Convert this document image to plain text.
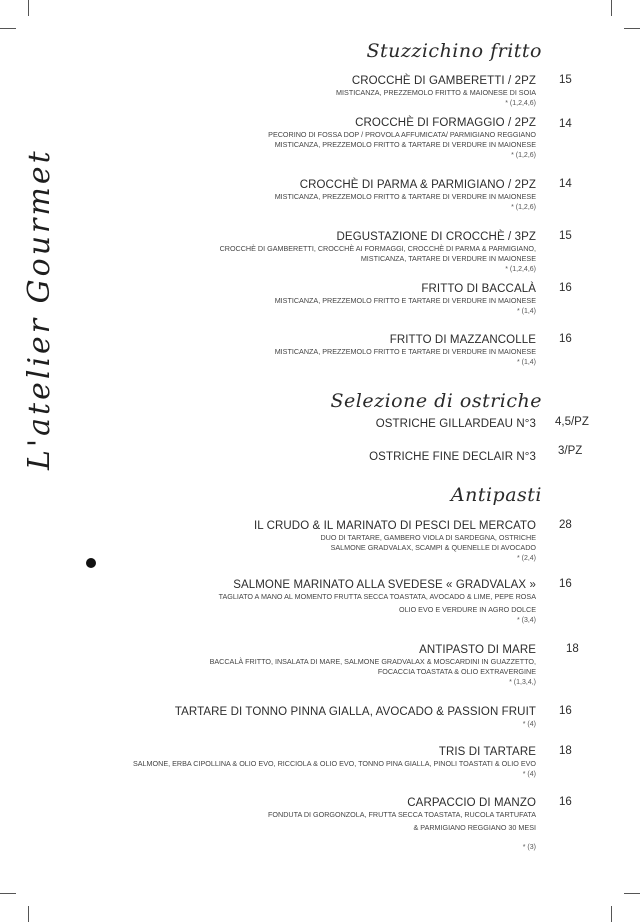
L'atelier Gourmet
Stuzzichino fritto
CROCCHÈ DI GAMBERETTI / 2PZ
MISTICANZA, PREZZEMOLO FRITTO & MAIONESE DI SOIA
* (1,2,4,6)
15
CROCCHÈ DI FORMAGGIO / 2PZ
PECORINO DI FOSSA DOP / PROVOLA AFFUMICATA/ PARMIGIANO REGGIANO
MISTICANZA, PREZZEMOLO FRITTO & TARTARE DI VERDURE IN MAIONESE
* (1,2,6)
14
CROCCHÈ DI PARMA & PARMIGIANO / 2PZ
MISTICANZA, PREZZEMOLO FRITTO & TARTARE DI VERDURE IN MAIONESE
* (1,2,6)
14
DEGUSTAZIONE DI CROCCHÈ / 3PZ
CROCCHÈ DI GAMBERETTI, CROCCHÈ AI FORMAGGI, CROCCHÈ DI PARMA & PARMIGIANO,
MISTICANZA, TARTARE DI VERDURE IN MAIONESE
* (1,2,4,6)
15
FRITTO DI BACCALÀ
MISTICANZA, PREZZEMOLO FRITTO E TARTARE DI VERDURE IN MAIONESE
* (1,4)
16
FRITTO DI MAZZANCOLLE
MISTICANZA, PREZZEMOLO FRITTO E TARTARE DI VERDURE IN MAIONESE
* (1,4)
16
Selezione di ostriche
OSTRICHE GILLARDEAU N°3 4,5/PZ
OSTRICHE FINE DECLAIR N°3 3/PZ
Antipasti
IL CRUDO & IL MARINATO DI PESCI DEL MERCATO
DUO DI TARTARE, GAMBERO VIOLA DI SARDEGNA, OSTRICHE
SALMONE GRADVALAX, SCAMPI & QUENELLE DI AVOCADO
* (2,4)
28
SALMONE MARINATO ALLA SVEDESE « GRADVALAX »
TAGLIATO A MANO AL MOMENTO FRUTTA SECCA TOASTATA, AVOCADO & LIME, PEPE ROSA
OLIO EVO E VERDURE IN AGRO DOLCE
* (3,4)
16
ANTIPASTO DI MARE
BACCALÀ FRITTO, INSALATA DI MARE, SALMONE GRADVALAX & MOSCARDINI IN GUAZZETTO,
FOCACCIA TOASTATA & OLIO EXTRAVERGINE
* (1,3,4,)
18
TARTARE DI TONNO PINNA GIALLA, AVOCADO & PASSION FRUIT
* (4)
16
TRIS DI TARTARE
SALMONE, ERBA CIPOLLINA & OLIO EVO, RICCIOLA & OLIO EVO, TONNO PINA GIALLA, PINOLI TOASTATI & OLIO EVO
* (4)
18
CARPACCIO DI MANZO
FONDUTA DI GORGONZOLA, FRUTTA SECCA TOASTATA, RUCOLA TARTUFATA
& PARMIGIANO REGGIANO 30 MESI
* (3)
16
